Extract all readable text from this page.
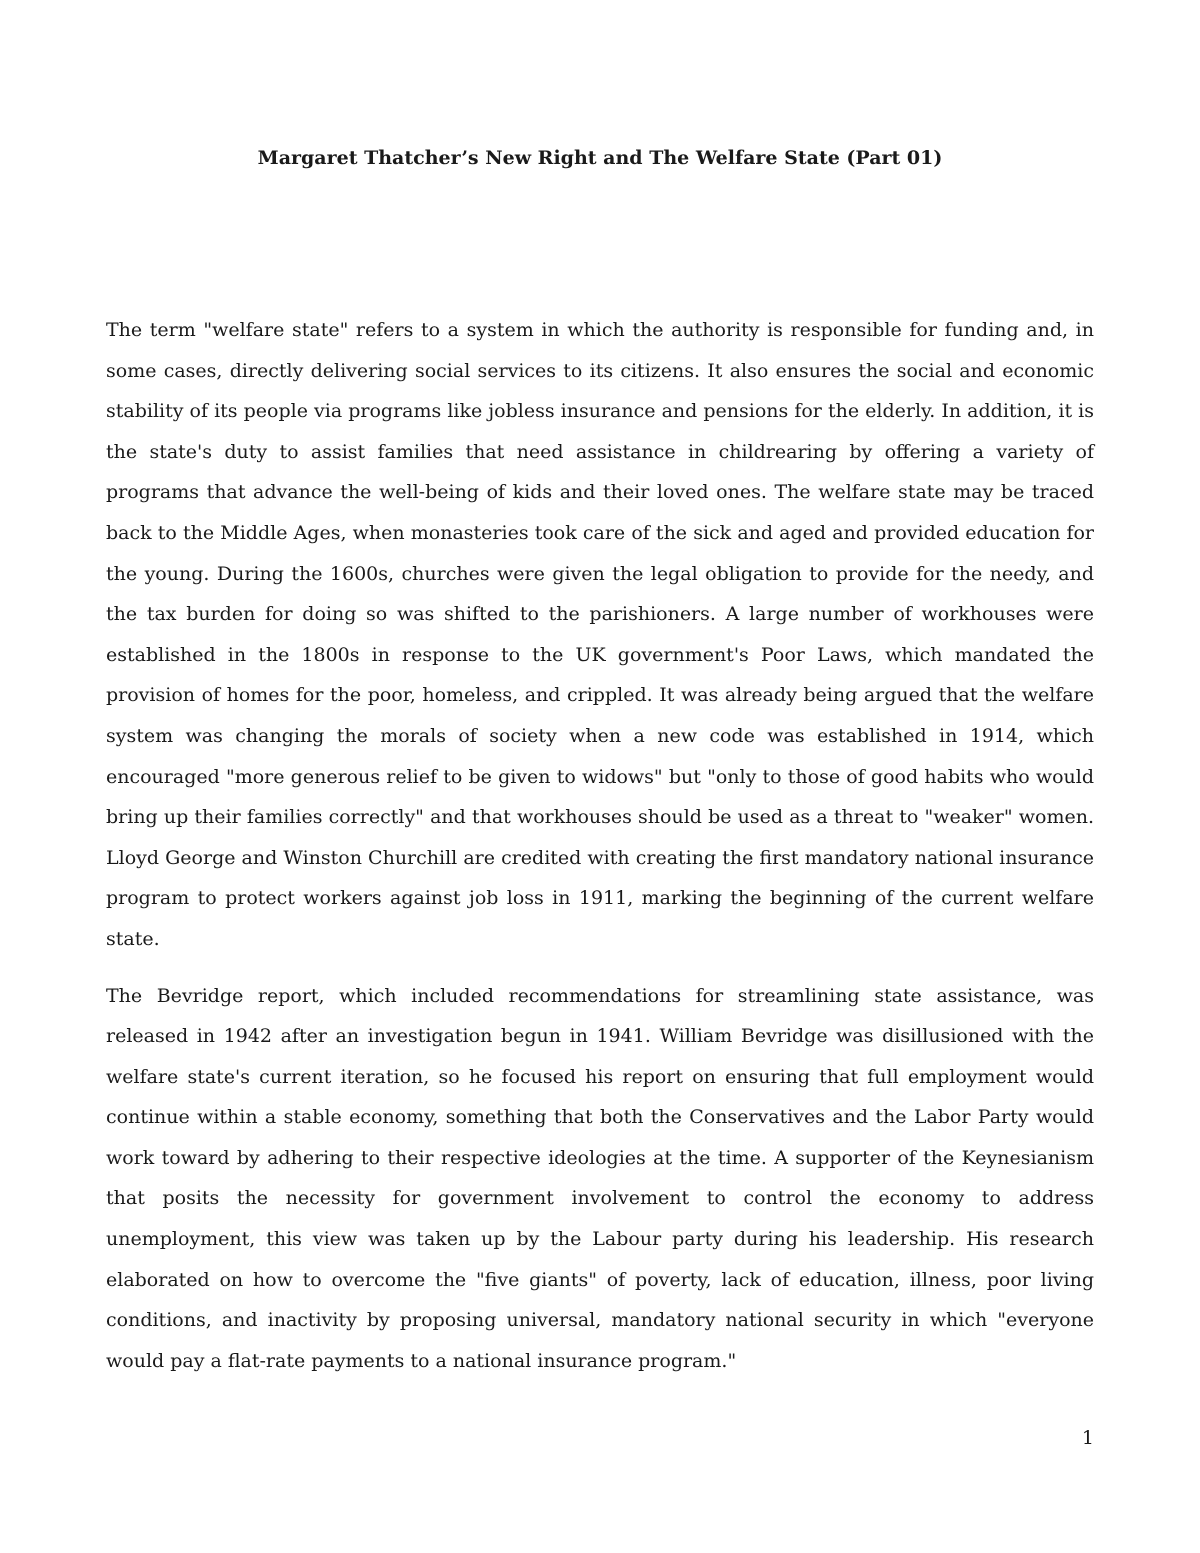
Margaret Thatcher’s New Right and The Welfare State (Part 01)

The term "welfare state" refers to a system in which the authority is responsible for funding and, in some cases, directly delivering social services to its citizens. It also ensures the social and economic stability of its people via programs like jobless insurance and pensions for the elderly. In addition, it is the state's duty to assist families that need assistance in childrearing by offering a variety of programs that advance the well-being of kids and their loved ones. The welfare state may be traced back to the Middle Ages, when monasteries took care of the sick and aged and provided education for the young. During the 1600s, churches were given the legal obligation to provide for the needy, and the tax burden for doing so was shifted to the parishioners. A large number of workhouses were established in the 1800s in response to the UK government's Poor Laws, which mandated the provision of homes for the poor, homeless, and crippled. It was already being argued that the welfare system was changing the morals of society when a new code was established in 1914, which encouraged "more generous relief to be given to widows" but "only to those of good habits who would bring up their families correctly" and that workhouses should be used as a threat to "weaker" women. Lloyd George and Winston Churchill are credited with creating the first mandatory national insurance program to protect workers against job loss in 1911, marking the beginning of the current welfare state.

The Bevridge report, which included recommendations for streamlining state assistance, was released in 1942 after an investigation begun in 1941. William Bevridge was disillusioned with the welfare state's current iteration, so he focused his report on ensuring that full employment would continue within a stable economy, something that both the Conservatives and the Labor Party would work toward by adhering to their respective ideologies at the time. A supporter of the Keynesianism that posits the necessity for government involvement to control the economy to address unemployment, this view was taken up by the Labour party during his leadership. His research elaborated on how to overcome the "five giants" of poverty, lack of education, illness, poor living conditions, and inactivity by proposing universal, mandatory national security in which "everyone would pay a flat-rate payments to a national insurance program."

1
